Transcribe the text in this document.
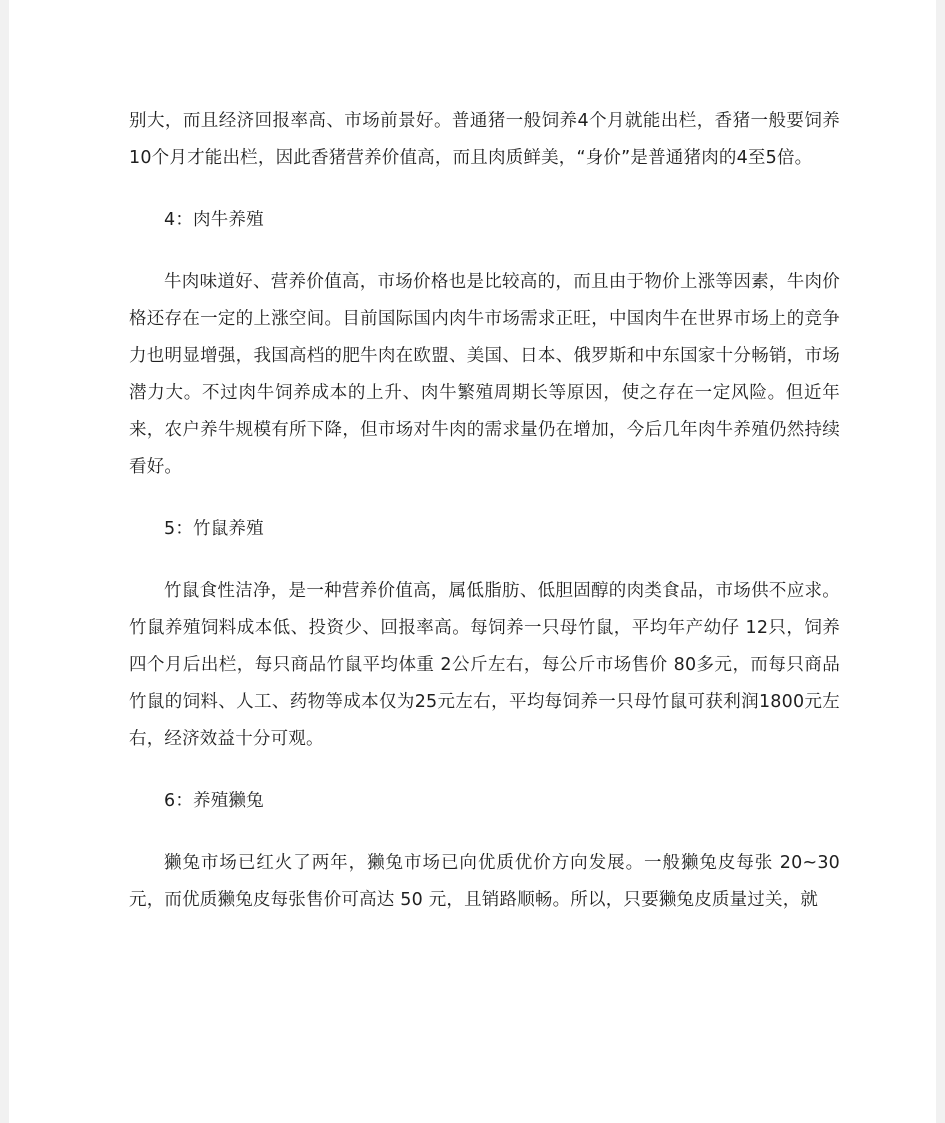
别大，而且经济回报率高、市场前景好。普通猪一般饲养4个月就能出栏，香猪一般要饲养10个月才能出栏，因此香猪营养价值高，而且肉质鲜美，“身价”是普通猪肉的4至5倍。

4：肉牛养殖

牛肉味道好、营养价值高，市场价格也是比较高的，而且由于物价上涨等因素，牛肉价格还存在一定的上涨空间。目前国际国内肉牛市场需求正旺，中国肉牛在世界市场上的竞争力也明显增强，我国高档的肥牛肉在欧盟、美国、日本、俄罗斯和中东国家十分畅销，市场潜力大。不过肉牛饲养成本的上升、肉牛繁殖周期长等原因，使之存在一定风险。但近年来，农户养牛规模有所下降，但市场对牛肉的需求量仍在增加，今后几年肉牛养殖仍然持续看好。

5：竹鼠养殖

竹鼠食性洁净，是一种营养价值高，属低脂肪、低胆固醇的肉类食品，市场供不应求。竹鼠养殖饲料成本低、投资少、回报率高。每饲养一只母竹鼠，平均年产幼仔 12只，饲养四个月后出栏，每只商品竹鼠平均体重 2公斤左右，每公斤市场售价 80多元，而每只商品竹鼠的饲料、人工、药物等成本仅为25元左右，平均每饲养一只母竹鼠可获利润1800元左右，经济效益十分可观。

6：养殖獭兔

獭兔市场已红火了两年，獭兔市场已向优质优价方向发展。一般獭兔皮每张 20~30元，而优质獭兔皮每张售价可高达 50 元，且销路顺畅。所以，只要獭兔皮质量过关，就
